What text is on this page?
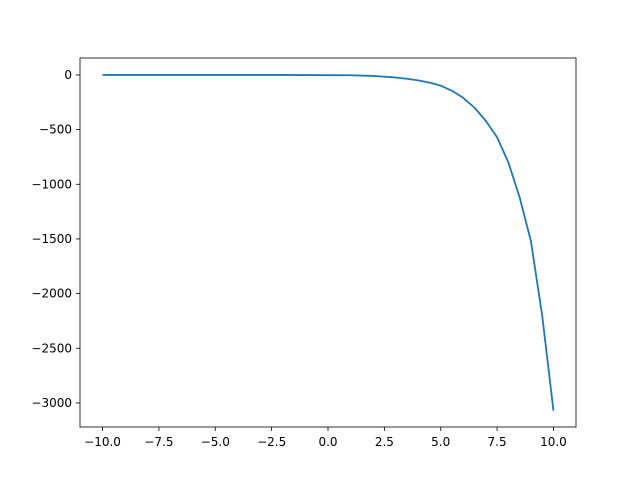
−10.0 −7.5 −5.0 −2.5	0.0	2.5	5.0	7.5	10.0
0
−500
−1000
−1500
−2000
−2500
−3000
